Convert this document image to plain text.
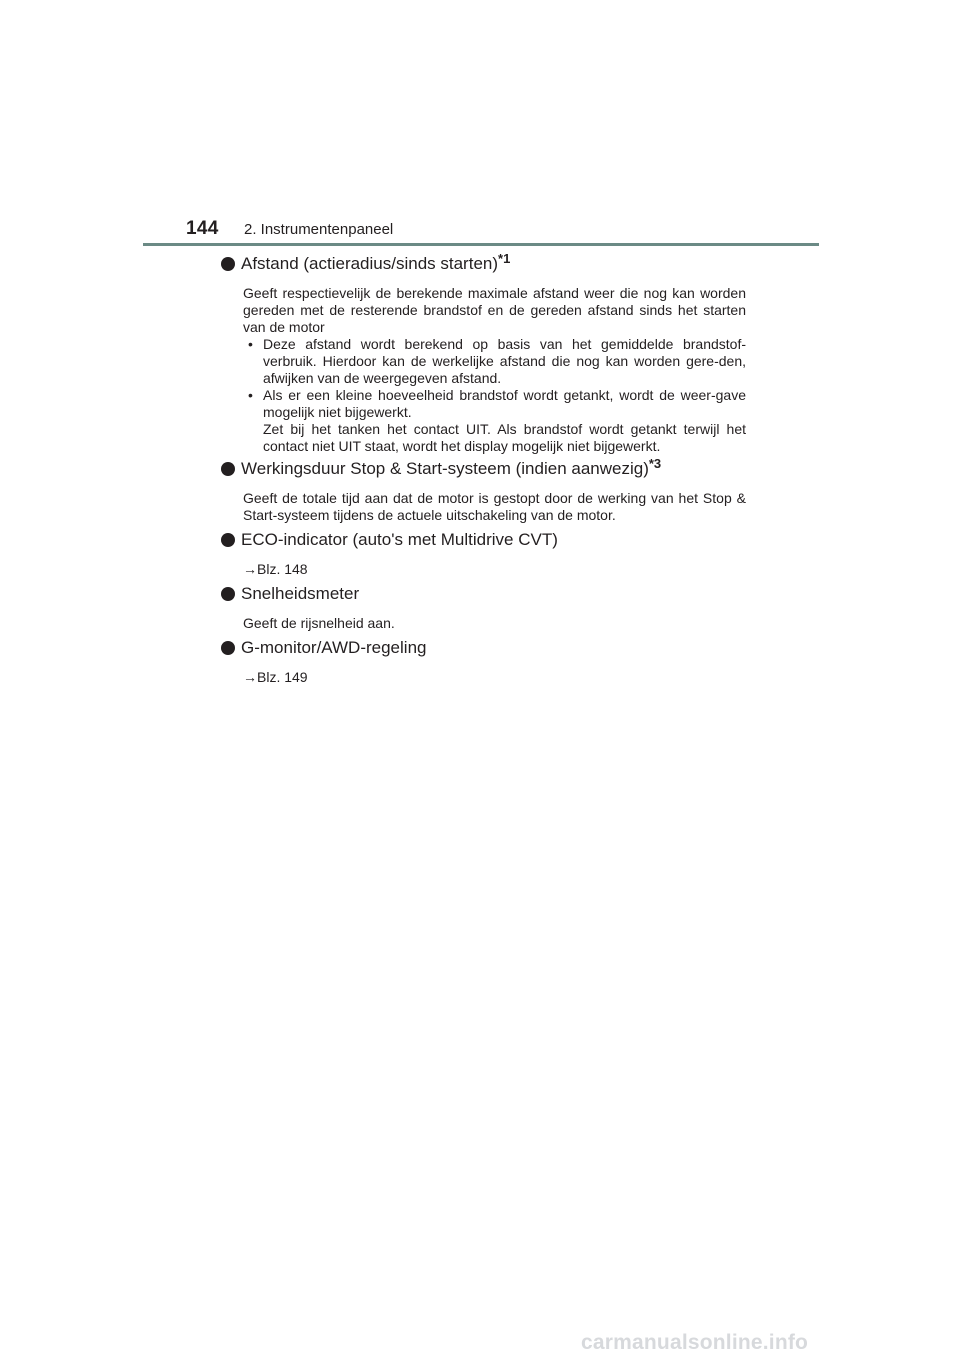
144 2. Instrumentenpaneel
Afstand (actieradius/sinds starten)$^{*1}$
Geeft respectievelijk de berekende maximale afstand weer die nog kan worden gereden met de resterende brandstof en de gereden afstand sinds het starten van de motor
• Deze afstand wordt berekend op basis van het gemiddelde brandstof-verbruik. Hierdoor kan de werkelijke afstand die nog kan worden gere-den, afwijken van de weergegeven afstand.
• Als er een kleine hoeveelheid brandstof wordt getankt, wordt de weer-gave mogelijk niet bijgewerkt.
Zet bij het tanken het contact UIT. Als brandstof wordt getankt terwijl het contact niet UIT staat, wordt het display mogelijk niet bijgewerkt.
Werkingsduur Stop & Start-systeem (indien aanwezig)$^{*3}$
Geeft de totale tijd aan dat de motor is gestopt door de werking van het Stop & Start-systeem tijdens de actuele uitschakeling van de motor.
ECO-indicator (auto's met Multidrive CVT)
→Blz. 148
Snelheidsmeter
Geeft de rijsnelheid aan.
G-monitor/AWD-regeling
→Blz. 149
carmanualsonline.info
